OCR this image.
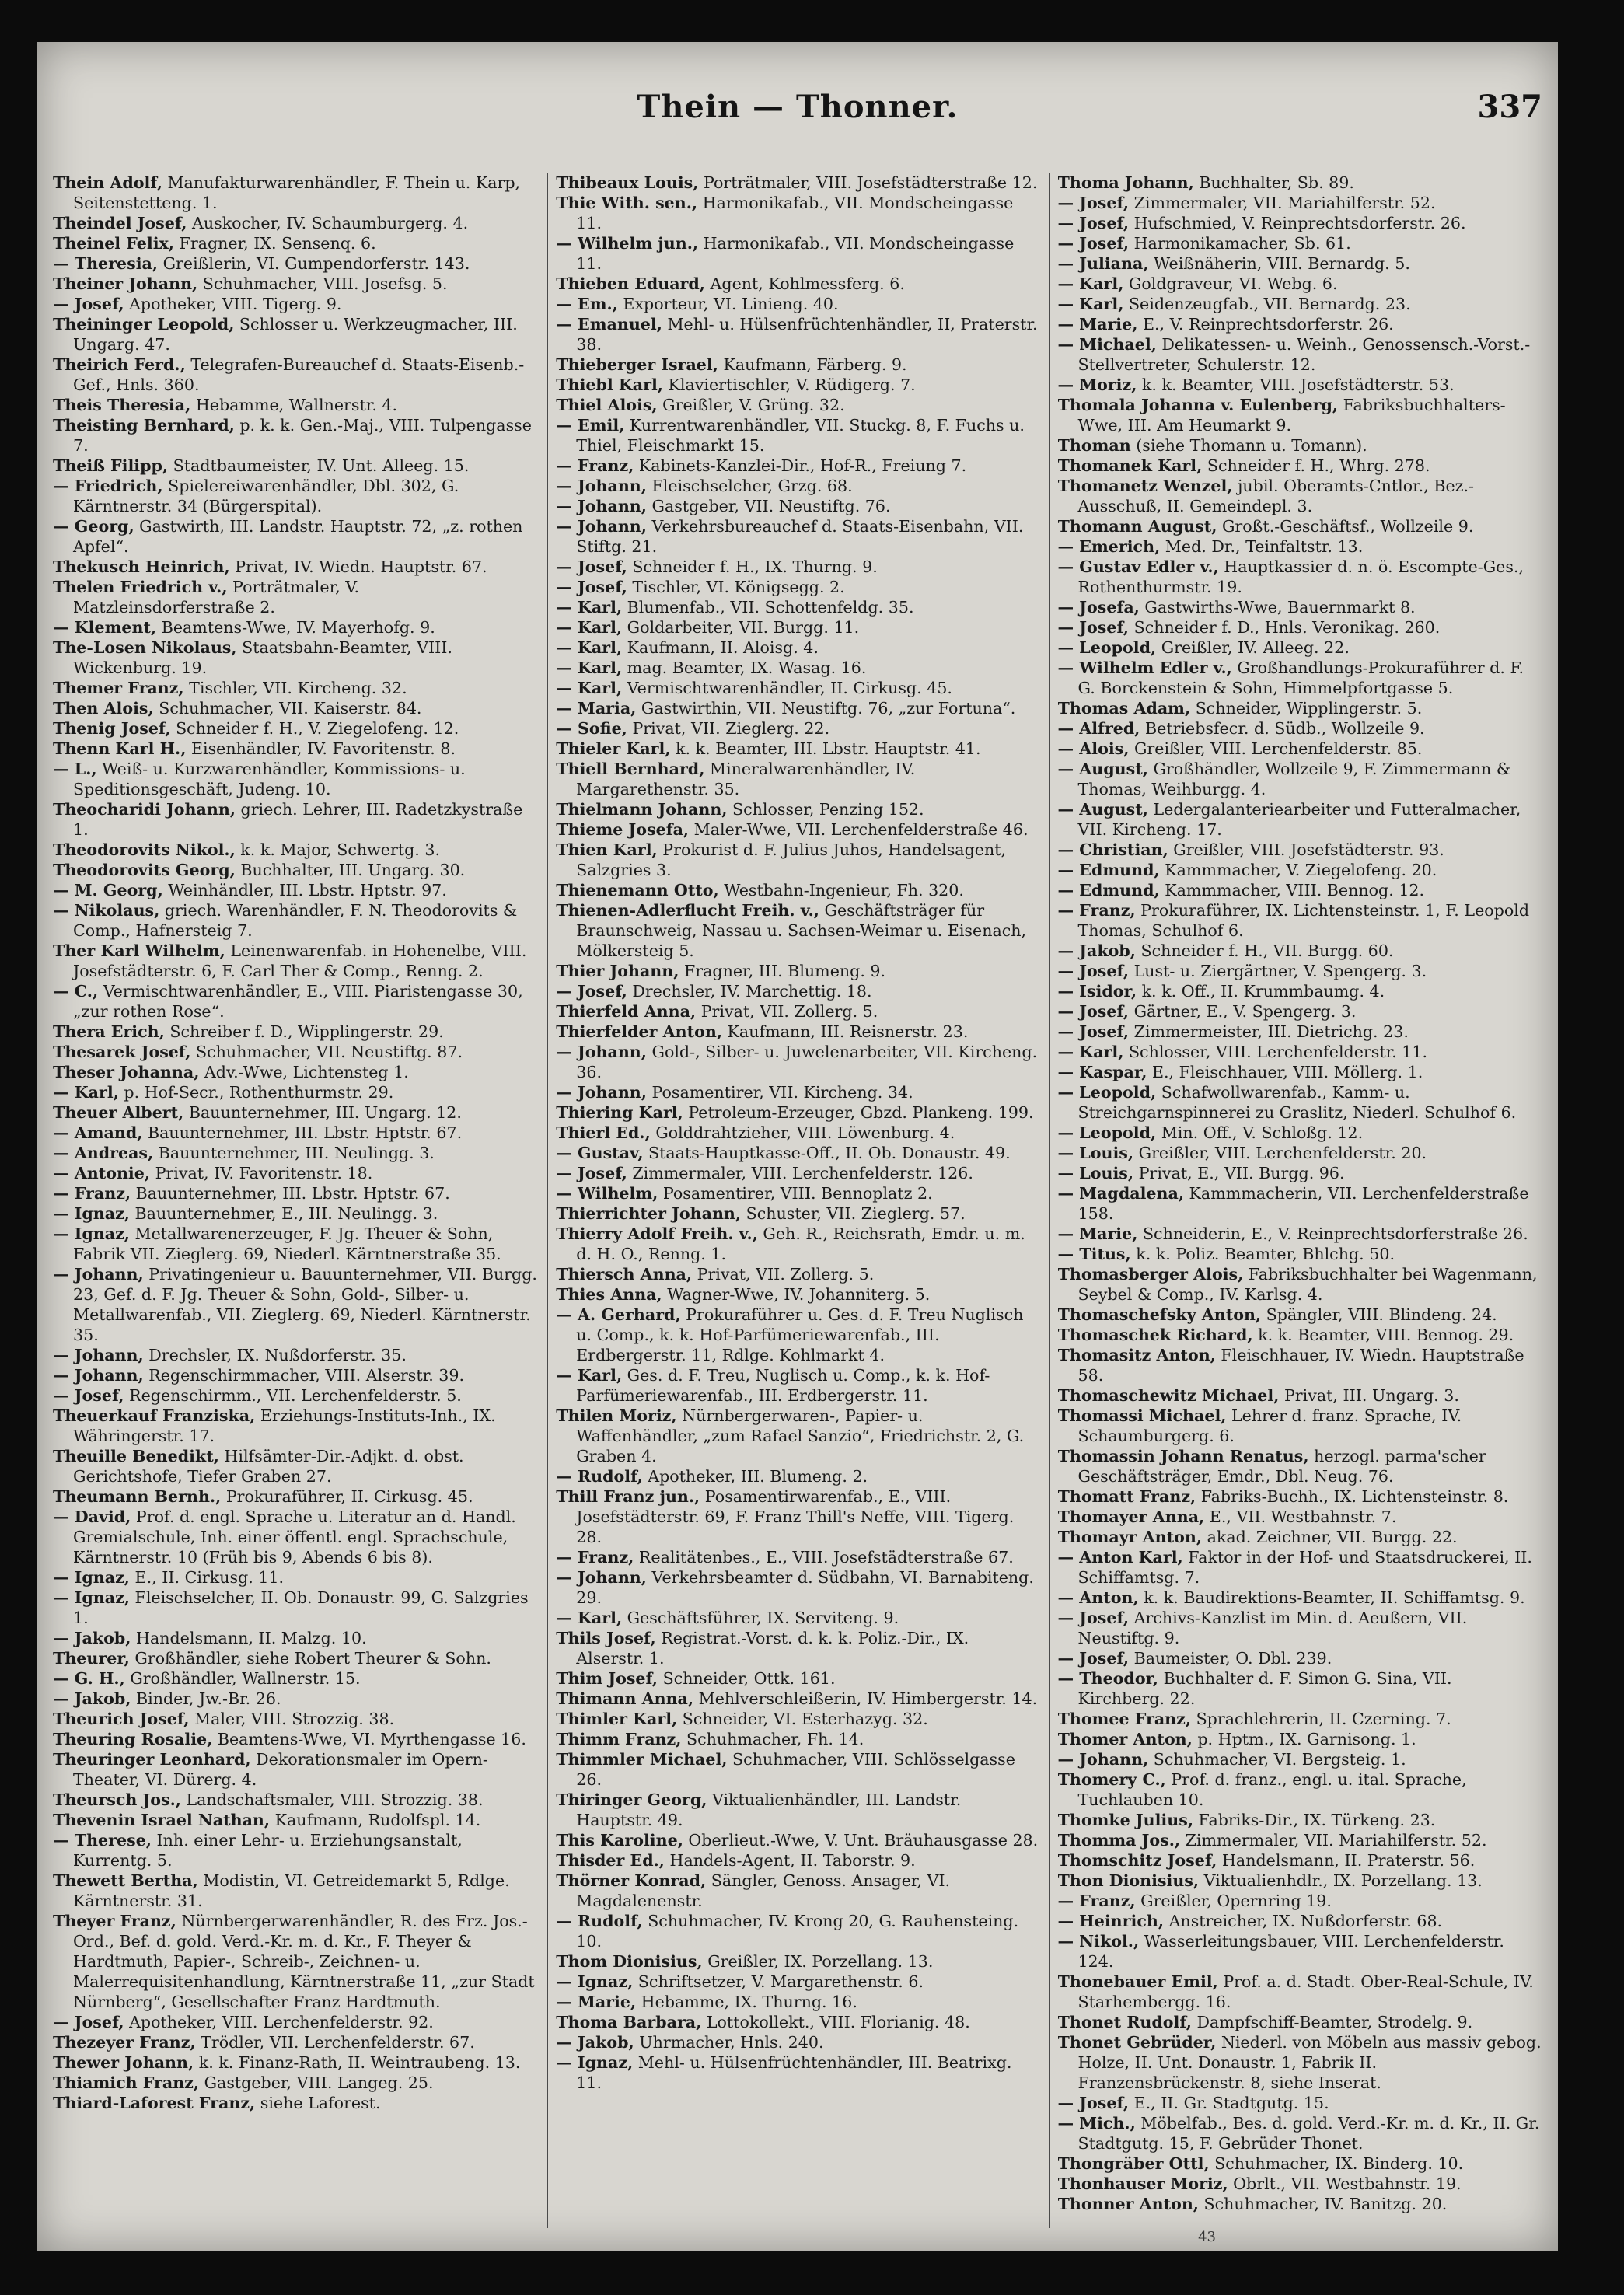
Thein — Thonner.	337
Thein Adolf, Manufakturwarenhändler, F. Thein u. Karp, Seitenstetteng. 1.
Theindel Josef, Auskocher, IV. Schaumburgerg. 4.
Theinel Felix, Fragner, IX. Sensenq. 6.
— Theresia, Greißlerin, VI. Gumpendorferstr. 143.
Theiner Johann, Schuhmacher, VIII. Josefsg. 5.
— Josef, Apotheker, VIII. Tigerg. 9.
Theininger Leopold, Schlosser u. Werkzeugmacher, III. Ungarg. 47.
Theirich Ferd., Telegrafen-Bureauchef d. Staats-Eisenb.-Gef., Hnls. 360.
Theis Theresia, Hebamme, Wallnerstr. 4.
Theisting Bernhard, p. k. k. Gen.-Maj., VIII. Tulpengasse 7.
Theiß Filipp, Stadtbaumeister, IV. Unt. Alleeg. 15.
— Friedrich, Spielereiwarenhändler, Dbl. 302, G. Kärntnerstr. 34 (Bürgerspital).
— Georg, Gastwirth, III. Landstr. Hauptstr. 72, „z. rothen Apfel“.
Thekusch Heinrich, Privat, IV. Wiedn. Hauptstr. 67.
Thelen Friedrich v., Porträtmaler, V. Matzleinsdorferstraße 2.
— Klement, Beamtens-Wwe, IV. Mayerhofg. 9.
The-Losen Nikolaus, Staatsbahn-Beamter, VIII. Wickenburg. 19.
Themer Franz, Tischler, VII. Kircheng. 32.
Then Alois, Schuhmacher, VII. Kaiserstr. 84.
Thenig Josef, Schneider f. H., V. Ziegelofeng. 12.
Thenn Karl H., Eisenhändler, IV. Favoritenstr. 8.
— L., Weiß- u. Kurzwarenhändler, Kommissions- u. Speditionsgeschäft, Judeng. 10.
Theocharidi Johann, griech. Lehrer, III. Radetzkystraße 1.
Theodorovits Nikol., k. k. Major, Schwertg. 3.
Theodorovits Georg, Buchhalter, III. Ungarg. 30.
— M. Georg, Weinhändler, III. Lbstr. Hptstr. 97.
— Nikolaus, griech. Warenhändler, F. N. Theodorovits & Comp., Hafnersteig 7.
Ther Karl Wilhelm, Leinenwarenfab. in Hohenelbe, VIII. Josefstädterstr. 6, F. Carl Ther & Comp., Renng. 2.
— C., Vermischtwarenhändler, E., VIII. Piaristengasse 30, „zur rothen Rose“.
Thera Erich, Schreiber f. D., Wipplingerstr. 29.
Thesarek Josef, Schuhmacher, VII. Neustiftg. 87.
Theser Johanna, Adv.-Wwe, Lichtensteg 1.
— Karl, p. Hof-Secr., Rothenthurmstr. 29.
Theuer Albert, Bauunternehmer, III. Ungarg. 12.
— Amand, Bauunternehmer, III. Lbstr. Hptstr. 67.
— Andreas, Bauunternehmer, III. Neulingg. 3.
— Antonie, Privat, IV. Favoritenstr. 18.
— Franz, Bauunternehmer, III. Lbstr. Hptstr. 67.
— Ignaz, Bauunternehmer, E., III. Neulingg. 3.
— Ignaz, Metallwarenerzeuger, F. Jg. Theuer & Sohn, Fabrik VII. Zieglerg. 69, Niederl. Kärntnerstraße 35.
— Johann, Privatingenieur u. Bauunternehmer, VII. Burgg. 23, Gef. d. F. Jg. Theuer & Sohn, Gold-, Silber- u. Metallwarenfab., VII. Zieglerg. 69, Niederl. Kärntnerstr. 35.
— Johann, Drechsler, IX. Nußdorferstr. 35.
— Johann, Regenschirmmacher, VIII. Alserstr. 39.
— Josef, Regenschirmm., VII. Lerchenfelderstr. 5.
Theuerkauf Franziska, Erziehungs-Instituts-Inh., IX. Währingerstr. 17.
Theuille Benedikt, Hilfsämter-Dir.-Adjkt. d. obst. Gerichtshofe, Tiefer Graben 27.
Theumann Bernh., Prokuraführer, II. Cirkusg. 45.
— David, Prof. d. engl. Sprache u. Literatur an d. Handl. Gremialschule, Inh. einer öffentl. engl. Sprachschule, Kärntnerstr. 10 (Früh bis 9, Abends 6 bis 8).
— Ignaz, E., II. Cirkusg. 11.
— Ignaz, Fleischselcher, II. Ob. Donaustr. 99, G. Salzgries 1.
— Jakob, Handelsmann, II. Malzg. 10.
Theurer, Großhändler, siehe Robert Theurer & Sohn.
— G. H., Großhändler, Wallnerstr. 15.
— Jakob, Binder, Jw.-Br. 26.
Theurich Josef, Maler, VIII. Strozzig. 38.
Theuring Rosalie, Beamtens-Wwe, VI. Myrthengasse 16.
Theuringer Leonhard, Dekorationsmaler im Opern-Theater, VI. Dürerg. 4.
Theursch Jos., Landschaftsmaler, VIII. Strozzig. 38.
Thevenin Israel Nathan, Kaufmann, Rudolfspl. 14.
— Therese, Inh. einer Lehr- u. Erziehungsanstalt, Kurrentg. 5.
Thewett Bertha, Modistin, VI. Getreidemarkt 5, Rdlge. Kärntnerstr. 31.
Theyer Franz, Nürnbergerwarenhändler, R. des Frz. Jos.-Ord., Bef. d. gold. Verd.-Kr. m. d. Kr., F. Theyer & Hardtmuth, Papier-, Schreib-, Zeichnen- u. Malerrequisitenhandlung, Kärntnerstraße 11, „zur Stadt Nürnberg“, Gesellschafter Franz Hardtmuth.
— Josef, Apotheker, VIII. Lerchenfelderstr. 92.
Thezeyer Franz, Trödler, VII. Lerchenfelderstr. 67.
Thewer Johann, k. k. Finanz-Rath, II. Weintraubeng. 13.
Thiamich Franz, Gastgeber, VIII. Langeg. 25.
Thiard-Laforest Franz, siehe Laforest.
Thibeaux Louis, Porträtmaler, VIII. Josefstädterstraße 12.
Thie With. sen., Harmonikafab., VII. Mondscheingasse 11.
— Wilhelm jun., Harmonikafab., VII. Mondscheingasse 11.
Thieben Eduard, Agent, Kohlmessferg. 6.
— Em., Exporteur, VI. Linieng. 40.
— Emanuel, Mehl- u. Hülsenfrüchtenhändler, II, Praterstr. 38.
Thieberger Israel, Kaufmann, Färberg. 9.
Thiebl Karl, Klaviertischler, V. Rüdigerg. 7.
Thiel Alois, Greißler, V. Grüng. 32.
— Emil, Kurrentwarenhändler, VII. Stuckg. 8, F. Fuchs u. Thiel, Fleischmarkt 15.
— Franz, Kabinets-Kanzlei-Dir., Hof-R., Freiung 7.
— Johann, Fleischselcher, Grzg. 68.
— Johann, Gastgeber, VII. Neustiftg. 76.
— Johann, Verkehrsbureauchef d. Staats-Eisenbahn, VII. Stiftg. 21.
— Josef, Schneider f. H., IX. Thurng. 9.
— Josef, Tischler, VI. Königsegg. 2.
— Karl, Blumenfab., VII. Schottenfeldg. 35.
— Karl, Goldarbeiter, VII. Burgg. 11.
— Karl, Kaufmann, II. Aloisg. 4.
— Karl, mag. Beamter, IX. Wasag. 16.
— Karl, Vermischtwarenhändler, II. Cirkusg. 45.
— Maria, Gastwirthin, VII. Neustiftg. 76, „zur Fortuna“.
— Sofie, Privat, VII. Zieglerg. 22.
Thieler Karl, k. k. Beamter, III. Lbstr. Hauptstr. 41.
Thiell Bernhard, Mineralwarenhändler, IV. Margarethenstr. 35.
Thielmann Johann, Schlosser, Penzing 152.
Thieme Josefa, Maler-Wwe, VII. Lerchenfelderstraße 46.
Thien Karl, Prokurist d. F. Julius Juhos, Handelsagent, Salzgries 3.
Thienemann Otto, Westbahn-Ingenieur, Fh. 320.
Thienen-Adlerflucht Freih. v., Geschäftsträger für Braunschweig, Nassau u. Sachsen-Weimar u. Eisenach, Mölkersteig 5.
Thier Johann, Fragner, III. Blumeng. 9.
— Josef, Drechsler, IV. Marchettig. 18.
Thierfeld Anna, Privat, VII. Zollerg. 5.
Thierfelder Anton, Kaufmann, III. Reisnerstr. 23.
— Johann, Gold-, Silber- u. Juwelenarbeiter, VII. Kircheng. 36.
— Johann, Posamentirer, VII. Kircheng. 34.
Thiering Karl, Petroleum-Erzeuger, Gbzd. Plankeng. 199.
Thierl Ed., Golddrahtzieher, VIII. Löwenburg. 4.
— Gustav, Staats-Hauptkasse-Off., II. Ob. Donaustr. 49.
— Josef, Zimmermaler, VIII. Lerchenfelderstr. 126.
— Wilhelm, Posamentirer, VIII. Bennoplatz 2.
Thierrichter Johann, Schuster, VII. Zieglerg. 57.
Thierry Adolf Freih. v., Geh. R., Reichsrath, Emdr. u. m. d. H. O., Renng. 1.
Thiersch Anna, Privat, VII. Zollerg. 5.
Thies Anna, Wagner-Wwe, IV. Johanniterg. 5.
— A. Gerhard, Prokuraführer u. Ges. d. F. Treu Nuglisch u. Comp., k. k. Hof-Parfümeriewarenfab., III. Erdbergerstr. 11, Rdlge. Kohlmarkt 4.
— Karl, Ges. d. F. Treu, Nuglisch u. Comp., k. k. Hof-Parfümeriewarenfab., III. Erdbergerstr. 11.
Thilen Moriz, Nürnbergerwaren-, Papier- u. Waffenhändler, „zum Rafael Sanzio“, Friedrichstr. 2, G. Graben 4.
— Rudolf, Apotheker, III. Blumeng. 2.
Thill Franz jun., Posamentirwarenfab., E., VIII. Josefstädterstr. 69, F. Franz Thill's Neffe, VIII. Tigerg. 28.
— Franz, Realitätenbes., E., VIII. Josefstädterstraße 67.
— Johann, Verkehrsbeamter d. Südbahn, VI. Barnabiteng. 29.
— Karl, Geschäftsführer, IX. Serviteng. 9.
Thils Josef, Registrat.-Vorst. d. k. k. Poliz.-Dir., IX. Alserstr. 1.
Thim Josef, Schneider, Ottk. 161.
Thimann Anna, Mehlverschleißerin, IV. Himbergerstr. 14.
Thimler Karl, Schneider, VI. Esterhazyg. 32.
Thimm Franz, Schuhmacher, Fh. 14.
Thimmler Michael, Schuhmacher, VIII. Schlösselgasse 26.
Thiringer Georg, Viktualienhändler, III. Landstr. Hauptstr. 49.
This Karoline, Oberlieut.-Wwe, V. Unt. Bräuhausgasse 28.
Thisder Ed., Handels-Agent, II. Taborstr. 9.
Thörner Konrad, Sängler, Genoss. Ansager, VI. Magdalenenstr.
— Rudolf, Schuhmacher, IV. Krong 20, G. Rauhensteing. 10.
Thom Dionisius, Greißler, IX. Porzellang. 13.
— Ignaz, Schriftsetzer, V. Margarethenstr. 6.
— Marie, Hebamme, IX. Thurng. 16.
Thoma Barbara, Lottokollekt., VIII. Florianig. 48.
— Jakob, Uhrmacher, Hnls. 240.
— Ignaz, Mehl- u. Hülsenfrüchtenhändler, III. Beatrixg. 11.
Thoma Johann, Buchhalter, Sb. 89.
— Josef, Zimmermaler, VII. Mariahilferstr. 52.
— Josef, Hufschmied, V. Reinprechtsdorferstr. 26.
— Josef, Harmonikamacher, Sb. 61.
— Juliana, Weißnäherin, VIII. Bernardg. 5.
— Karl, Goldgraveur, VI. Webg. 6.
— Karl, Seidenzeugfab., VII. Bernardg. 23.
— Marie, E., V. Reinprechtsdorferstr. 26.
— Michael, Delikatessen- u. Weinh., Genossensch.-Vorst.-Stellvertreter, Schulerstr. 12.
— Moriz, k. k. Beamter, VIII. Josefstädterstr. 53.
Thomala Johanna v. Eulenberg, Fabriksbuchhalters-Wwe, III. Am Heumarkt 9.
Thoman (siehe Thomann u. Tomann).
Thomanek Karl, Schneider f. H., Whrg. 278.
Thomanetz Wenzel, jubil. Oberamts-Cntlor., Bez.-Ausschuß, II. Gemeindepl. 3.
Thomann August, Großt.-Geschäftsf., Wollzeile 9.
— Emerich, Med. Dr., Teinfaltstr. 13.
— Gustav Edler v., Hauptkassier d. n. ö. Escompte-Ges., Rothenthurmstr. 19.
— Josefa, Gastwirths-Wwe, Bauernmarkt 8.
— Josef, Schneider f. D., Hnls. Veronikag. 260.
— Leopold, Greißler, IV. Alleeg. 22.
— Wilhelm Edler v., Großhandlungs-Prokuraführer d. F. G. Borckenstein & Sohn, Himmelpfortgasse 5.
Thomas Adam, Schneider, Wipplingerstr. 5.
— Alfred, Betriebsfecr. d. Südb., Wollzeile 9.
— Alois, Greißler, VIII. Lerchenfelderstr. 85.
— August, Großhändler, Wollzeile 9, F. Zimmermann & Thomas, Weihburgg. 4.
— August, Ledergalanteriearbeiter und Futteralmacher, VII. Kircheng. 17.
— Christian, Greißler, VIII. Josefstädterstr. 93.
— Edmund, Kammmacher, V. Ziegelofeng. 20.
— Edmund, Kammmacher, VIII. Bennog. 12.
— Franz, Prokuraführer, IX. Lichtensteinstr. 1, F. Leopold Thomas, Schulhof 6.
— Jakob, Schneider f. H., VII. Burgg. 60.
— Josef, Lust- u. Ziergärtner, V. Spengerg. 3.
— Isidor, k. k. Off., II. Krummbaumg. 4.
— Josef, Gärtner, E., V. Spengerg. 3.
— Josef, Zimmermeister, III. Dietrichg. 23.
— Karl, Schlosser, VIII. Lerchenfelderstr. 11.
— Kaspar, E., Fleischhauer, VIII. Möllerg. 1.
— Leopold, Schafwollwarenfab., Kamm- u. Streichgarnspinnerei zu Graslitz, Niederl. Schulhof 6.
— Leopold, Min. Off., V. Schloßg. 12.
— Louis, Greißler, VIII. Lerchenfelderstr. 20.
— Louis, Privat, E., VII. Burgg. 96.
— Magdalena, Kammmacherin, VII. Lerchenfelderstraße 158.
— Marie, Schneiderin, E., V. Reinprechtsdorferstraße 26.
— Titus, k. k. Poliz. Beamter, Bhlchg. 50.
Thomasberger Alois, Fabriksbuchhalter bei Wagenmann, Seybel & Comp., IV. Karlsg. 4.
Thomaschefsky Anton, Spängler, VIII. Blindeng. 24.
Thomaschek Richard, k. k. Beamter, VIII. Bennog. 29.
Thomasitz Anton, Fleischhauer, IV. Wiedn. Hauptstraße 58.
Thomaschewitz Michael, Privat, III. Ungarg. 3.
Thomassi Michael, Lehrer d. franz. Sprache, IV. Schaumburgerg. 6.
Thomassin Johann Renatus, herzogl. parma'scher Geschäftsträger, Emdr., Dbl. Neug. 76.
Thomatt Franz, Fabriks-Buchh., IX. Lichtensteinstr. 8.
Thomayer Anna, E., VII. Westbahnstr. 7.
Thomayr Anton, akad. Zeichner, VII. Burgg. 22.
— Anton Karl, Faktor in der Hof- und Staatsdruckerei, II. Schiffamtsg. 7.
— Anton, k. k. Baudirektions-Beamter, II. Schiffamtsg. 9.
— Josef, Archivs-Kanzlist im Min. d. Aeußern, VII. Neustiftg. 9.
— Josef, Baumeister, O. Dbl. 239.
— Theodor, Buchhalter d. F. Simon G. Sina, VII. Kirchberg. 22.
Thomee Franz, Sprachlehrerin, II. Czerning. 7.
Thomer Anton, p. Hptm., IX. Garnisong. 1.
— Johann, Schuhmacher, VI. Bergsteig. 1.
Thomery C., Prof. d. franz., engl. u. ital. Sprache, Tuchlauben 10.
Thomke Julius, Fabriks-Dir., IX. Türkeng. 23.
Thomma Jos., Zimmermaler, VII. Mariahilferstr. 52.
Thomschitz Josef, Handelsmann, II. Praterstr. 56.
Thon Dionisius, Viktualienhdlr., IX. Porzellang. 13.
— Franz, Greißler, Opernring 19.
— Heinrich, Anstreicher, IX. Nußdorferstr. 68.
— Nikol., Wasserleitungsbauer, VIII. Lerchenfelderstr. 124.
Thonebauer Emil, Prof. a. d. Stadt. Ober-Real-Schule, IV. Starhembergg. 16.
Thonet Rudolf, Dampfschiff-Beamter, Strodelg. 9.
Thonet Gebrüder, Niederl. von Möbeln aus massiv gebog. Holze, II. Unt. Donaustr. 1, Fabrik II. Franzensbrückenstr. 8, siehe Inserat.
— Josef, E., II. Gr. Stadtgutg. 15.
— Mich., Möbelfab., Bes. d. gold. Verd.-Kr. m. d. Kr., II. Gr. Stadtgutg. 15, F. Gebrüder Thonet.
Thongräber Ottl, Schuhmacher, IX. Binderg. 10.
Thonhauser Moriz, Obrlt., VII. Westbahnstr. 19.
Thonner Anton, Schuhmacher, IV. Banitzg. 20.
43
